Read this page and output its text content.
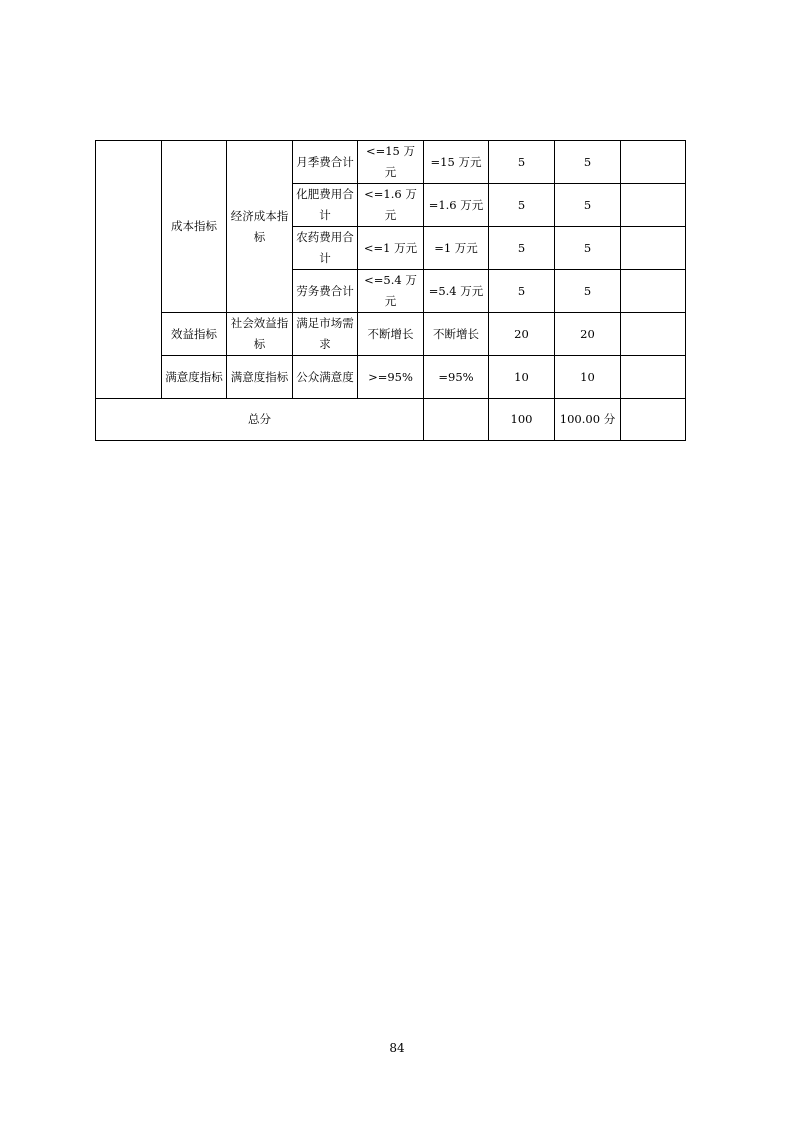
	成本指标	经济成本指标	月季费合计	<=15 万元	=15 万元	5	5	
			化肥费用合计	<=1.6 万元	=1.6 万元	5	5	
			农药费用合计	<=1 万元	=1 万元	5	5	
			劳务费合计	<=5.4 万元	=5.4 万元	5	5	
	效益指标	社会效益指标	满足市场需求	不断增长	不断增长	20	20	
	满意度指标	满意度指标	公众满意度	>=95%	=95%	10	10	
总分						100	100.00 分	
84
